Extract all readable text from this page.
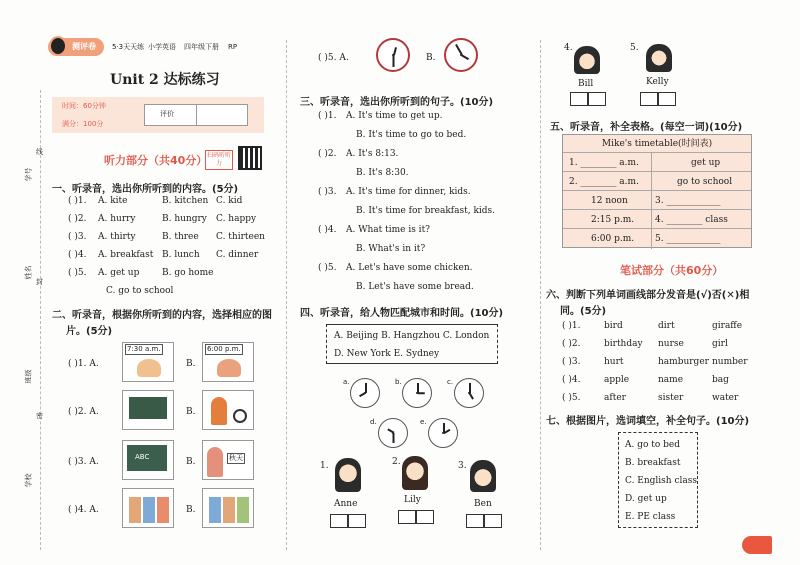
测评卷 5·3天天练 小学英语 四年级下册 RP
Unit 2 达标练习
时间：60分钟
满分：100分
评价
学号
姓名
班级
学校
线
封
密
听力部分（共40分） 扫码听听力
一、听录音，选出你所听到的内容。(5分)
( )1. A. kite	B. kitchen C. kid
( )2. A. hurry	B. hungry C. happy
( )3. A. thirty	B. three C. thirteen
( )4. A. breakfast B. lunch C. dinner
( )5. A. get up	B. go home
C. go to school
二、听录音，根据你所听到的内容，选择相应的图
片。(5分)
( )1. A.
7:30 a.m.
B.
6:00 p.m.
( )2. A.	B.
( )3. A.	ABC	B.	秋天
( )4. A.	B.
( )5. A.	B.
三、听录音，选出你所听到的句子。(10分)
( )1. A. It's time to get up.
B. It's time to go to bed.
( )2. A. It's 8:13.
B. It's 8:30.
( )3. A. It's time for dinner, kids.
B. It's time for breakfast, kids.
( )4. A. What time is it?
B. What's in it?
( )5. A. Let's have some chicken.
B. Let's have some bread.
四、听录音，给人物匹配城市和时间。(10分)
A. Beijing B. Hangzhou C. London
D. New York E. Sydney
a.	b.	c.
d.	e.
1.
Anne
2.
Lily
3.
Ben
4.
Bill
5.
Kelly
五、听录音，补全表格。(每空一词)(10分)
Mike's timetable(时间表)
1. ________ a.m.	get up
2. ________ a.m.	go to school
12 noon	3. ____________
2:15 p.m. 4. ________ class
6:00 p.m. 5. ____________
笔试部分（共60分）
六、判断下列单词画线部分发音是(√)否(✕)相
同。(5分)
( )1.	bird	dirt	giraffe
( )2.	birthday nurse	girl
( )3.	hurt	hamburger number
( )4.	apple	name	bag
( )5.	after	sister	water
七、根据图片，选词填空，补全句子。(10分)
A. go to bed
B. breakfast
C. English class
D. get up
E. PE class
